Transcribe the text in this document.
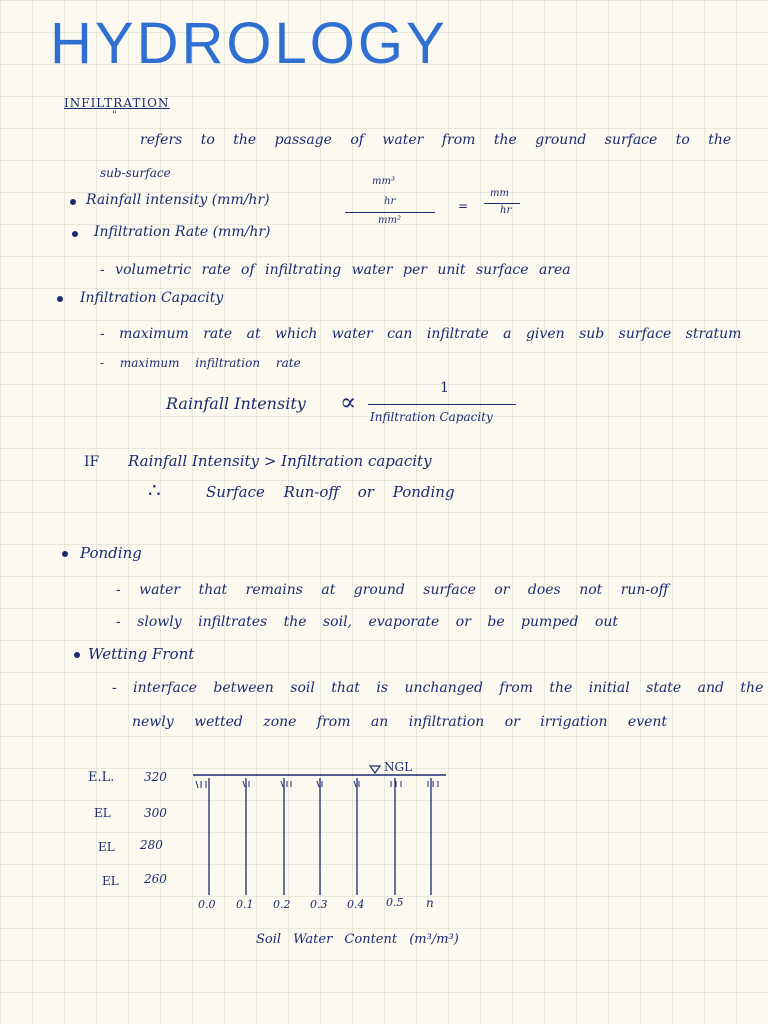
HYDROLOGY
INFILTRATION
"
refers to the passage of water from the ground surface to the
sub-surface
Rainfall intensity (mm/hr)
mm³
hr
mm²
=
mm
hr
Infiltration Rate (mm/hr)
- volumetric rate of infiltrating water per unit surface area
Infiltration Capacity
- maximum rate at which water can infiltrate a given sub surface stratum
- maximum infiltration rate
Rainfall Intensity ∝	1
Infiltration Capacity
IF Rainfall Intensity > Infiltration capacity
∴	Surface Run-off or Ponding
Ponding
- water that remains at ground surface or does not run-off
- slowly infiltrates the soil, evaporate or be pumped out
Wetting Front
- interface between soil that is unchanged from the initial state and the
newly wetted zone from an infiltration or irrigation event
NGL
E.L. 320
EL	300
EL 280
EL 260
0.0 0.1 0.2 0.3 0.4 0.5 n
Soil Water Content (m³/m³)
